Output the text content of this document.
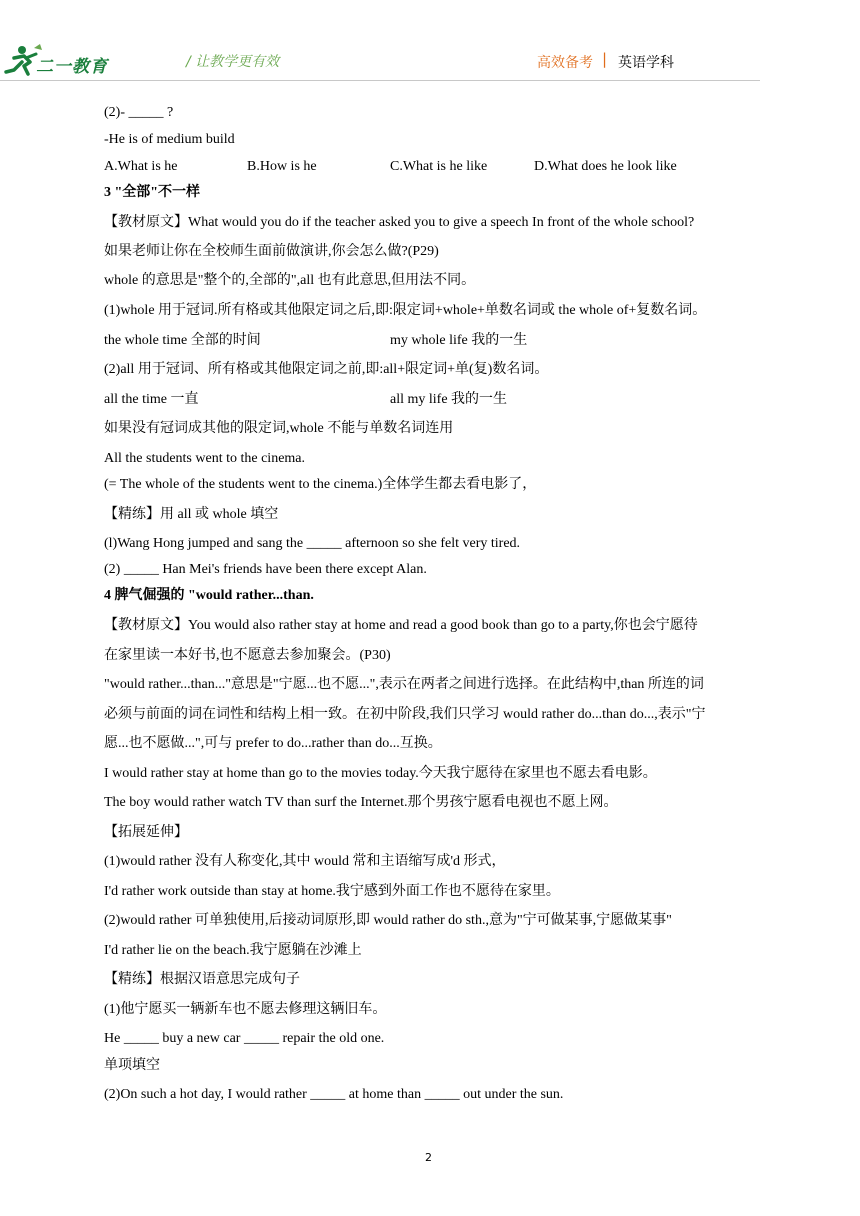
二一教育	/ 让教学更有效	高效备考 | 英语学科
(2)- _____ ?
-He is of medium build
A.What is he	B.How is he	C.What is he like	D.What does he look like
3 "全部"不一样
【教材原文】What would you do if the teacher asked you to give a speech In front of the whole school?
如果老师让你在全校师生面前做演讲,你会怎么做?(P29)
whole 的意思是"整个的,全部的",all 也有此意思,但用法不同。
(1)whole 用于冠词.所有格或其他限定词之后,即:限定词+whole+单数名词或 the whole of+复数名词。
the whole time 全部的时间	my whole life 我的一生
(2)all 用于冠词、所有格或其他限定词之前,即:all+限定词+单(复)数名词。
all the time 一直	all my life 我的一生
如果没有冠词成其他的限定词,whole 不能与单数名词连用
All the students went to the cinema.
(= The whole of the students went to the cinema.)全体学生都去看电影了，
【精练】用 all 或 whole 填空
(l)Wang Hong jumped and sang the _____ afternoon so she felt very tired.
(2) _____ Han Mei's friends have been there except Alan.
4 脾气倔强的 "would rather...than.
【教材原文】You would also rather stay at home and read a good book than go to a party,你也会宁愿待
在家里读一本好书,也不愿意去参加聚会。(P30)
"would rather...than..."意思是"宁愿...也不愿...",表示在两者之间进行选择。在此结构中,than 所连的词
必须与前面的词在词性和结构上相一致。在初中阶段,我们只学习 would rather do...than do...,表示"宁
愿...也不愿做...",可与 prefer to do...rather than do...互换。
I would rather stay at home than go to the movies today.今天我宁愿待在家里也不愿去看电影。
The boy would rather watch TV than surf the Internet.那个男孩宁愿看电视也不愿上网。
【拓展延伸】
(1)would rather 没有人称变化,其中 would 常和主语缩写成'd 形式，
I'd rather work outside than stay at home.我宁感到外面工作也不愿待在家里。
(2)would rather 可单独使用,后接动词原形,即 would rather do sth.,意为"宁可做某事,宁愿做某事"
I'd rather lie on the beach.我宁愿躺在沙滩上
【精练】根据汉语意思完成句子
(1)他宁愿买一辆新车也不愿去修理这辆旧车。
He _____ buy a new car _____ repair the old one.
单项填空
(2)On such a hot day, I would rather _____ at home than _____ out under the sun.
2
